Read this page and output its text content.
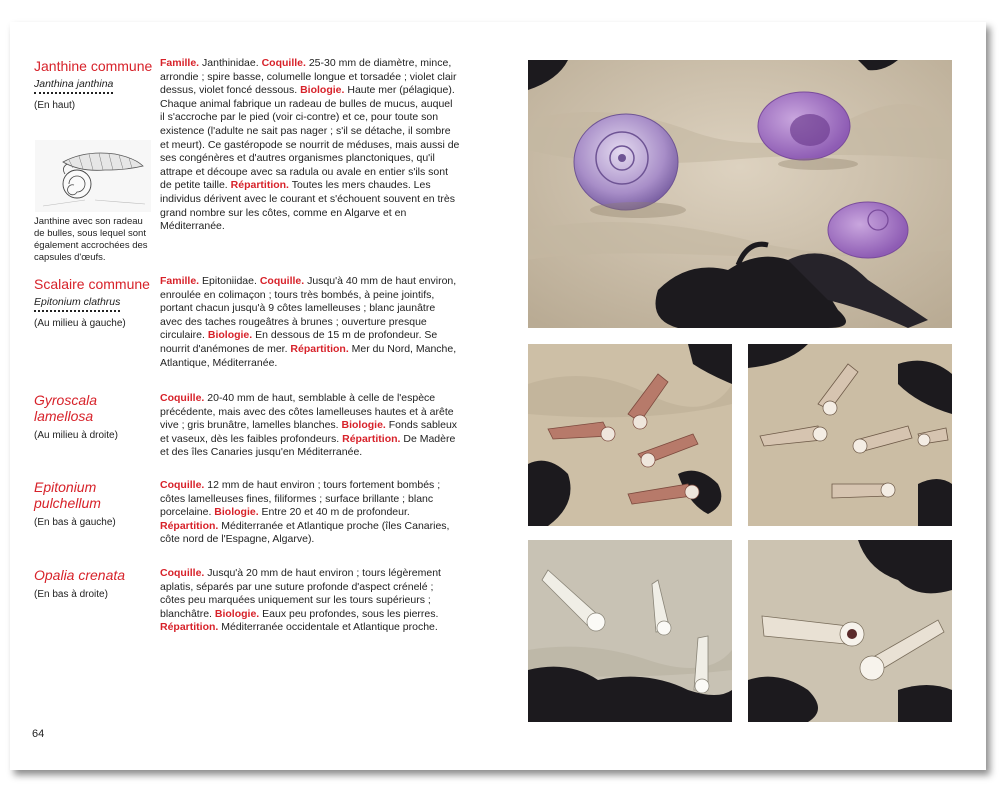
Janthine commune
Janthina janthina
(En haut)
Janthine avec son radeau de bulles, sous lequel sont également accrochées des capsules d'œufs.
Famille. Janthinidae. Coquille. 25-30 mm de diamètre, mince, arrondie ; spire basse, columelle longue et torsadée ; violet clair dessus, violet foncé dessous. Biologie. Haute mer (pélagique). Chaque animal fabrique un radeau de bulles de mucus, auquel il s'accroche par le pied (voir ci-contre) et ce, pour toute son existence (l'adulte ne sait pas nager ; s'il se détache, il sombre et meurt). Ce gastéropode se nourrit de méduses, mais aussi de ses congénères et d'autres organismes planctoniques, qu'il attrape et découpe avec sa radula ou avale en entier s'ils sont de petite taille. Répartition. Toutes les mers chaudes. Les individus dérivent avec le courant et s'échouent souvent en très grand nombre sur les côtes, comme en Algarve et en Méditerranée.
Scalaire commune
Epitonium clathrus
(Au milieu à gauche)
Famille. Epitoniidae. Coquille. Jusqu'à 40 mm de haut environ, enroulée en colimaçon ; tours très bombés, à peine jointifs, portant chacun jusqu'à 9 côtes lamelleuses ; blanc jaunâtre avec des taches rougeâtres à brunes ; ouverture presque circulaire. Biologie. En dessous de 15 m de profondeur. Se nourrit d'anémones de mer. Répartition. Mer du Nord, Manche, Atlantique, Méditerranée.
Gyroscala lamellosa
(Au milieu à droite)
Coquille. 20-40 mm de haut, semblable à celle de l'espèce précédente, mais avec des côtes lamelleuses hautes et à arête vive ; gris brunâtre, lamelles blanches. Biologie. Fonds sableux et vaseux, dès les faibles profondeurs. Répartition. De Madère et des îles Canaries jusqu'en Méditerranée.
Epitonium pulchellum
(En bas à gauche)
Coquille. 12 mm de haut environ ; tours fortement bombés ; côtes lamelleuses fines, filiformes ; surface brillante ; blanc porcelaine. Biologie. Entre 20 et 40 m de profondeur. Répartition. Méditerranée et Atlantique proche (îles Canaries, côte nord de l'Espagne, Algarve).
Opalia crenata
(En bas à droite)
Coquille. Jusqu'à 20 mm de haut environ ; tours légèrement aplatis, séparés par une suture profonde d'aspect crénelé ; côtes peu marquées uniquement sur les tours supérieurs ; blanchâtre. Biologie. Eaux peu profondes, sous les pierres. Répartition. Méditerranée occidentale et Atlantique proche.
64
